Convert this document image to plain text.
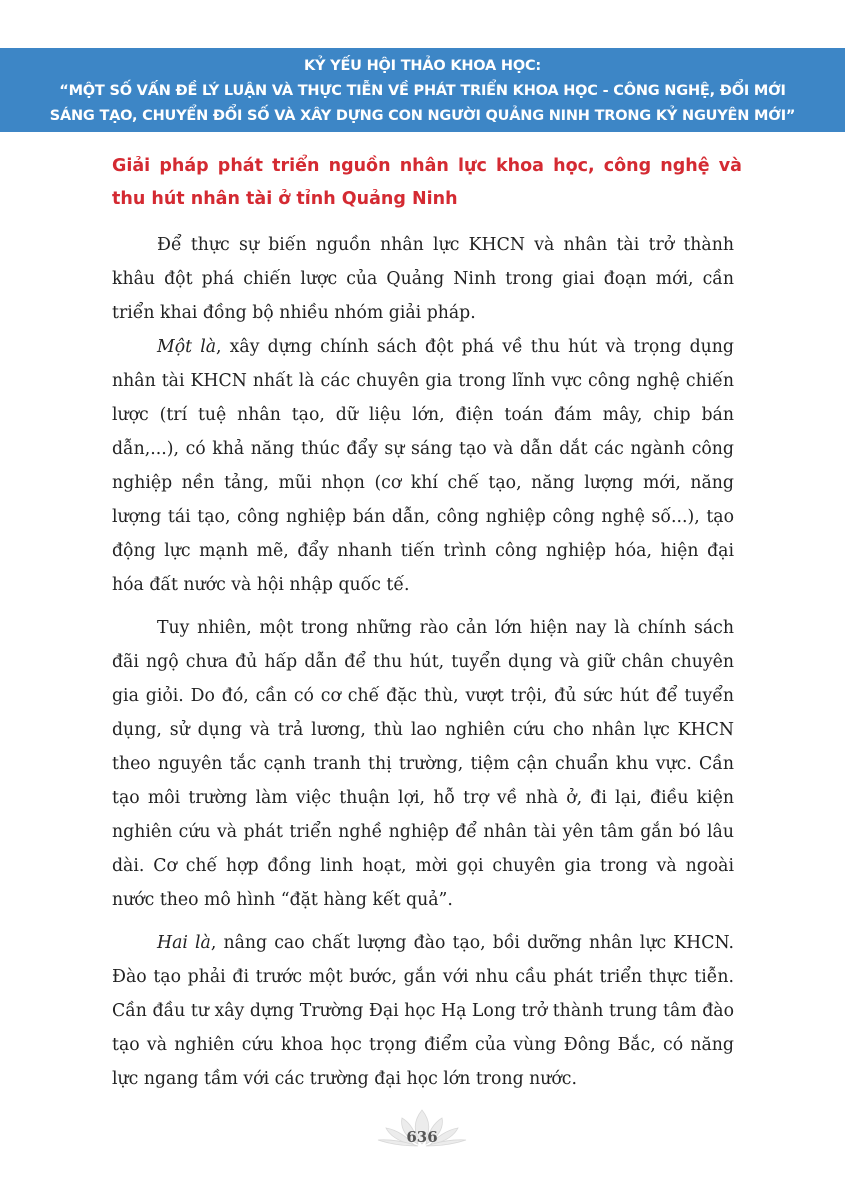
KỶ YẾU HỘI THẢO KHOA HỌC:
“MỘT SỐ VẤN ĐỀ LÝ LUẬN VÀ THỰC TIỄN VỀ PHÁT TRIỂN KHOA HỌC - CÔNG NGHỆ, ĐỔI MỚI
SÁNG TẠO, CHUYỂN ĐỔI SỐ VÀ XÂY DỰNG CON NGƯỜI QUẢNG NINH TRONG KỶ NGUYÊN MỚI”
Giải pháp phát triển nguồn nhân lực khoa học, công nghệ và thu hút nhân tài ở tỉnh Quảng Ninh

Để thực sự biến nguồn nhân lực KHCN và nhân tài trở thành khâu đột phá chiến lược của Quảng Ninh trong giai đoạn mới, cần triển khai đồng bộ nhiều nhóm giải pháp.

Một là, xây dựng chính sách đột phá về thu hút và trọng dụng nhân tài KHCN nhất là các chuyên gia trong lĩnh vực công nghệ chiến lược (trí tuệ nhân tạo, dữ liệu lớn, điện toán đám mây, chip bán dẫn,...), có khả năng thúc đẩy sự sáng tạo và dẫn dắt các ngành công nghiệp nền tảng, mũi nhọn (cơ khí chế tạo, năng lượng mới, năng lượng tái tạo, công nghiệp bán dẫn, công nghiệp công nghệ số...), tạo động lực mạnh mẽ, đẩy nhanh tiến trình công nghiệp hóa, hiện đại hóa đất nước và hội nhập quốc tế.

Tuy nhiên, một trong những rào cản lớn hiện nay là chính sách đãi ngộ chưa đủ hấp dẫn để thu hút, tuyển dụng và giữ chân chuyên gia giỏi. Do đó, cần có cơ chế đặc thù, vượt trội, đủ sức hút để tuyển dụng, sử dụng và trả lương, thù lao nghiên cứu cho nhân lực KHCN theo nguyên tắc cạnh tranh thị trường, tiệm cận chuẩn khu vực. Cần tạo môi trường làm việc thuận lợi, hỗ trợ về nhà ở, đi lại, điều kiện nghiên cứu và phát triển nghề nghiệp để nhân tài yên tâm gắn bó lâu dài. Cơ chế hợp đồng linh hoạt, mời gọi chuyên gia trong và ngoài nước theo mô hình “đặt hàng kết quả”.

Hai là, nâng cao chất lượng đào tạo, bồi dưỡng nhân lực KHCN. Đào tạo phải đi trước một bước, gắn với nhu cầu phát triển thực tiễn. Cần đầu tư xây dựng Trường Đại học Hạ Long trở thành trung tâm đào tạo và nghiên cứu khoa học trọng điểm của vùng Đông Bắc, có năng lực ngang tầm với các trường đại học lớn trong nước.

636
